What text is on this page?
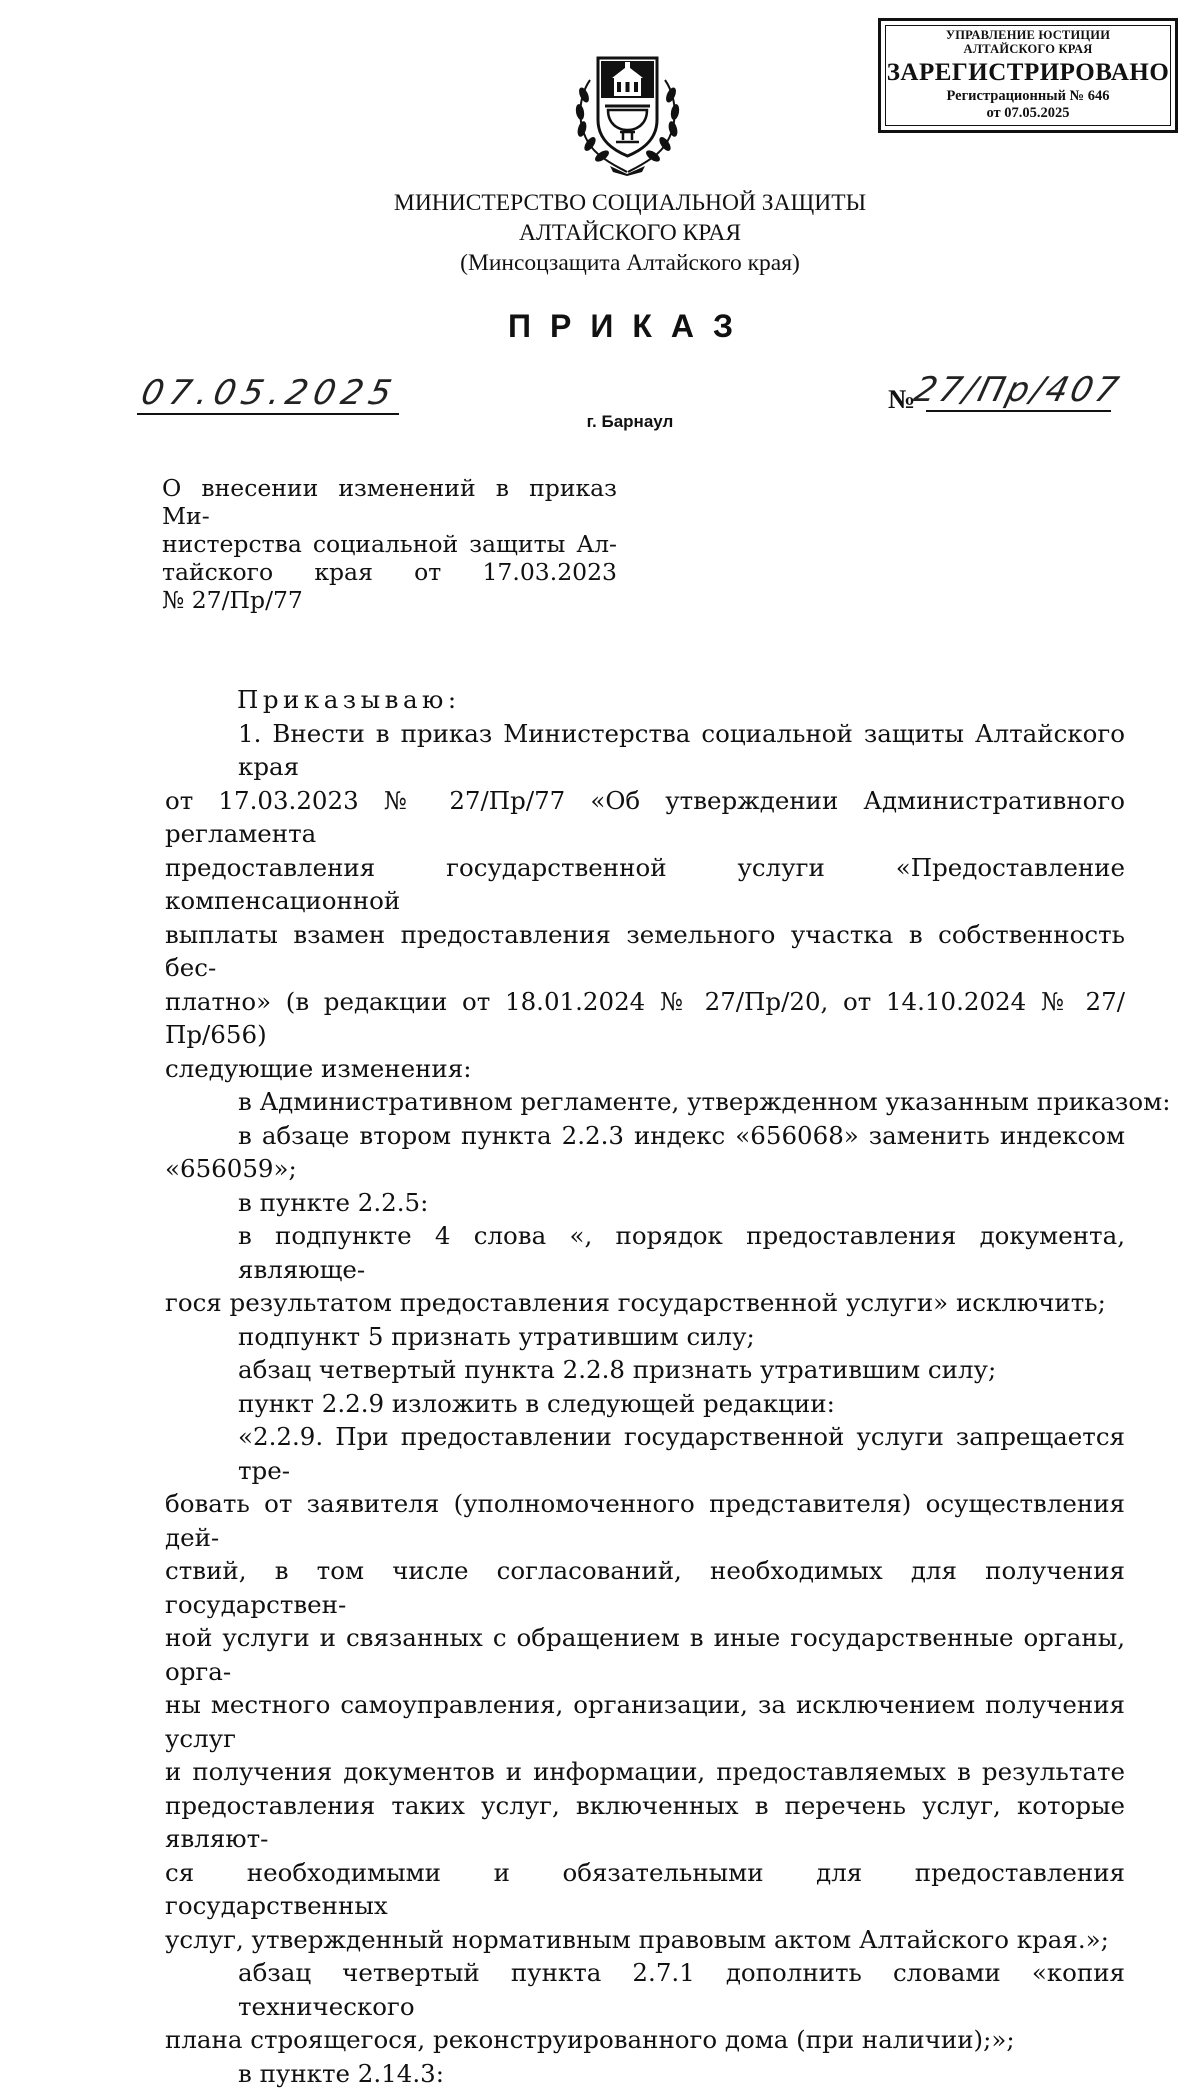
УПРАВЛЕНИЕ ЮСТИЦИИ
АЛТАЙСКОГО КРАЯ
ЗАРЕГИСТРИРОВАНО
Регистрационный № 646
от 07.05.2025
МИНИСТЕРСТВО СОЦИАЛЬНОЙ ЗАЩИТЫ
АЛТАЙСКОГО КРАЯ
(Минсоцзащита Алтайского края)
ПРИКАЗ
07.05.2025	№27/Пр/407
г. Барнаул
О внесении изменений в приказ Ми-
нистерства социальной защиты Ал-
тайского края от 17.03.2023
№ 27/Пр/77
Приказываю:
1. Внести в приказ Министерства социальной защиты Алтайского края
от 17.03.2023 № 27/Пр/77 «Об утверждении Административного регламента
предоставления государственной услуги «Предоставление компенсационной
выплаты взамен предоставления земельного участка в собственность бес-
платно» (в редакции от 18.01.2024 № 27/Пр/20, от 14.10.2024 № 27/Пр/656)
следующие изменения:
в Административном регламенте, утвержденном указанным приказом:
в абзаце втором пункта 2.2.3 индекс «656068» заменить индексом
«656059»;
в пункте 2.2.5:
в подпункте 4 слова «, порядок предоставления документа, являюще-
гося результатом предоставления государственной услуги» исключить;
подпункт 5 признать утратившим силу;
абзац четвертый пункта 2.2.8 признать утратившим силу;
пункт 2.2.9 изложить в следующей редакции:
«2.2.9. При предоставлении государственной услуги запрещается тре-
бовать от заявителя (уполномоченного представителя) осуществления дей-
ствий, в том числе согласований, необходимых для получения государствен-
ной услуги и связанных с обращением в иные государственные органы, орга-
ны местного самоуправления, организации, за исключением получения услуг
и получения документов и информации, предоставляемых в результате
предоставления таких услуг, включенных в перечень услуг, которые являют-
ся необходимыми и обязательными для предоставления государственных
услуг, утвержденный нормативным правовым актом Алтайского края.»;
абзац четвертый пункта 2.7.1 дополнить словами «копия технического
плана строящегося, реконструированного дома (при наличии);»;
в пункте 2.14.3:
